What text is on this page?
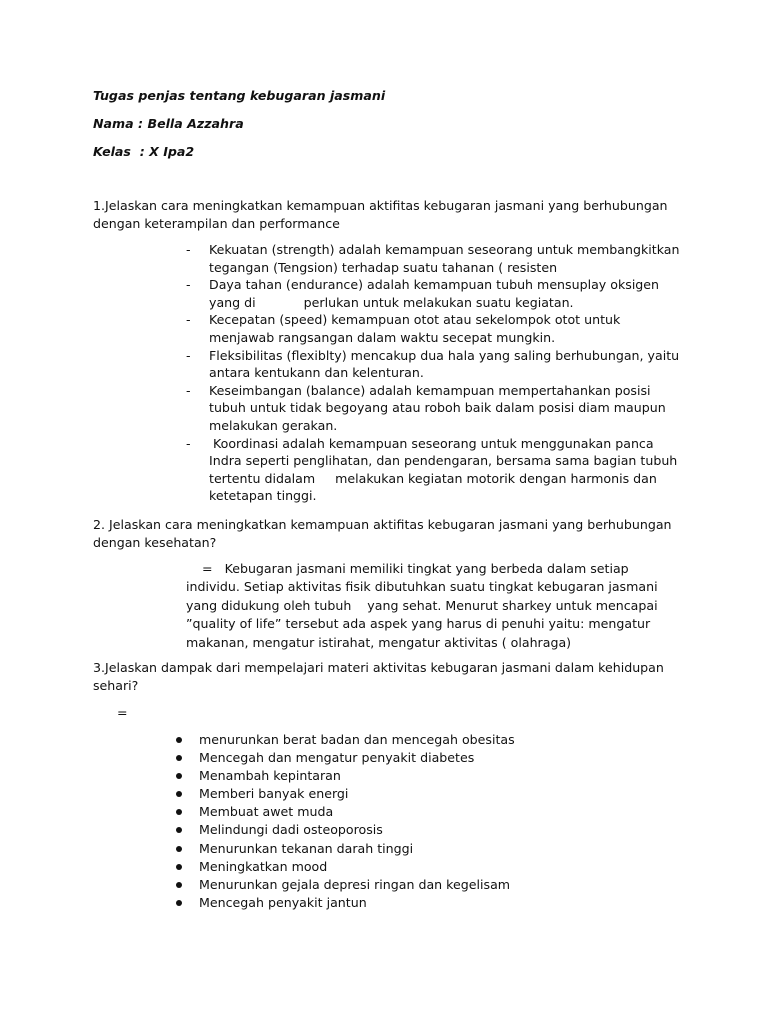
Tugas penjas tentang kebugaran jasmani
Nama : Bella Azzahra
Kelas  : X Ipa2
1.Jelaskan cara meningkatkan kemampuan aktifitas kebugaran jasmani yang berhubungan dengan keterampilan dan performance
- Kekuatan (strength) adalah kemampuan seseorang untuk membangkitkan tegangan (Tengsion) terhadap suatu tahanan ( resisten
- Daya tahan (endurance) adalah kemampuan tubuh mensuplay oksigen yang di            perlukan untuk melakukan suatu kegiatan.
- Kecepatan (speed) kemampuan otot atau sekelompok otot untuk menjawab rangsangan dalam waktu secepat mungkin.
- Fleksibilitas (flexiblty) mencakup dua hala yang saling berhubungan, yaitu antara kentukann dan kelenturan.
- Keseimbangan (balance) adalah kemampuan mempertahankan posisi tubuh untuk tidak begoyang atau roboh baik dalam posisi diam maupun melakukan gerakan.
-  Koordinasi adalah kemampuan seseorang untuk menggunakan panca Indra seperti penglihatan, dan pendengaran, bersama sama bagian tubuh tertentu didalam     melakukan kegiatan motorik dengan harmonis dan ketetapan tinggi.
2. Jelaskan cara meningkatkan kemampuan aktifitas kebugaran jasmani yang berhubungan dengan kesehatan?
=   Kebugaran jasmani memiliki tingkat yang berbeda dalam setiap individu. Setiap aktivitas fisik dibutuhkan suatu tingkat kebugaran jasmani yang didukung oleh tubuh    yang sehat. Menurut sharkey untuk mencapai ”quality of life” tersebut ada aspek yang harus di penuhi yaitu: mengatur makanan, mengatur istirahat, mengatur aktivitas ( olahraga)
3.Jelaskan dampak dari mempelajari materi aktivitas kebugaran jasmani dalam kehidupan sehari?
=
menurunkan berat badan dan mencegah obesitas
Mencegah dan mengatur penyakit diabetes
Menambah kepintaran
Memberi banyak energi
Membuat awet muda
Melindungi dadi osteoporosis
Menurunkan tekanan darah tinggi
Meningkatkan mood
Menurunkan gejala depresi ringan dan kegelisam
Mencegah penyakit jantun
